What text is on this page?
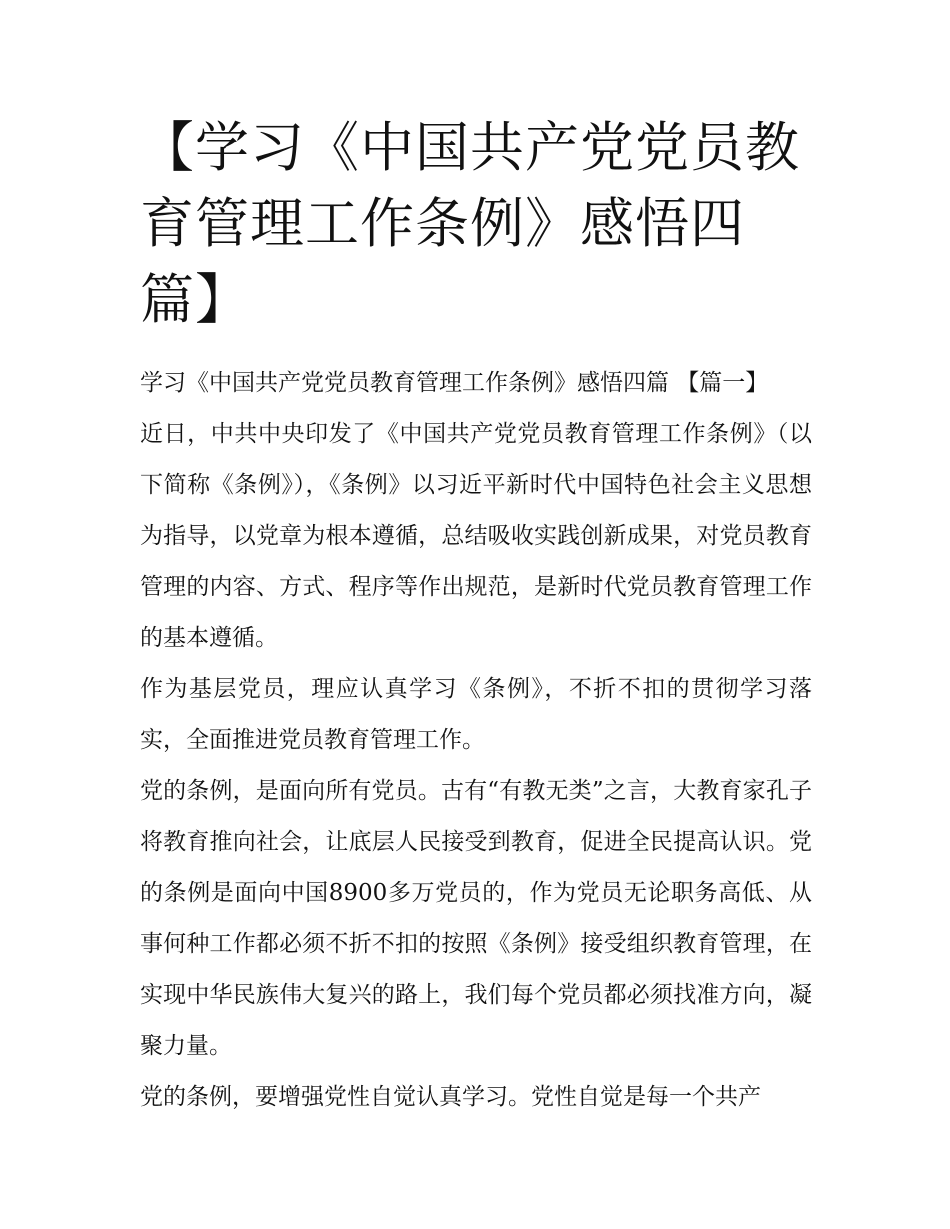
【学习《中国共产党党员教育管理工作条例》感悟四篇】
学习《中国共产党党员教育管理工作条例》感悟四篇 【篇一】

近日，中共中央印发了《中国共产党党员教育管理工作条例》（以下简称《条例》），《条例》以习近平新时代中国特色社会主义思想为指导，以党章为根本遵循，总结吸收实践创新成果，对党员教育管理的内容、方式、程序等作出规范，是新时代党员教育管理工作的基本遵循。

作为基层党员，理应认真学习《条例》，不折不扣的贯彻学习落实，全面推进党员教育管理工作。

党的条例，是面向所有党员。古有“有教无类”之言，大教育家孔子将教育推向社会，让底层人民接受到教育，促进全民提高认识。党的条例是面向中国8900多万党员的，作为党员无论职务高低、从事何种工作都必须不折不扣的按照《条例》接受组织教育管理，在实现中华民族伟大复兴的路上，我们每个党员都必须找准方向，凝聚力量。

党的条例，要增强党性自觉认真学习。党性自觉是每一个共产
